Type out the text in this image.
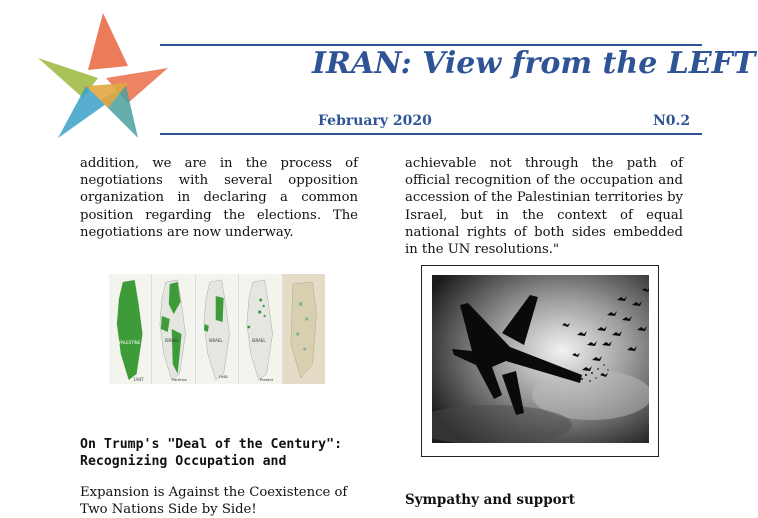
IRAN: View from the LEFT
February 2020	N0.2
addition, we are in the process of negotiations with several opposition organization in declaring a common position regarding the elections. The negotiations are now underway.
achievable not through the path of official recognition of the occupation and accession of the Palestinian territories by Israel, but in the context of equal national rights of both sides embedded in the UN resolutions."
PALESTINE
1947
ISRAEL
Partition
ISRAEL
1948-
ISRAEL
Present
On Trump's "Deal of the Century": Recognizing Occupation and
Expansion is Against the Coexistence of Two Nations Side by Side!
Sympathy and support
